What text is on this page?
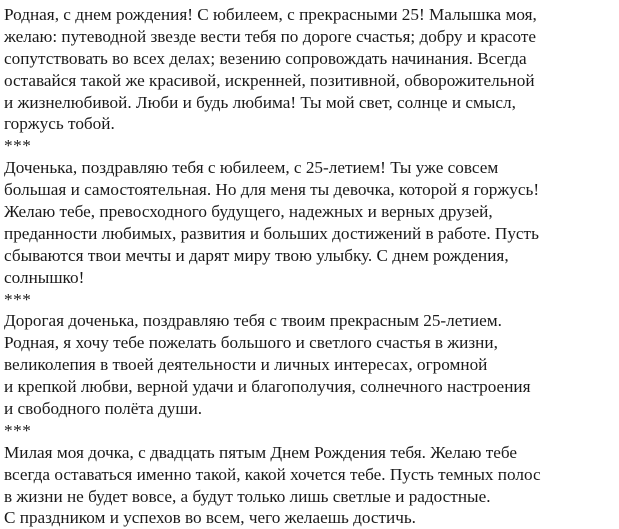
Родная, с днем рождения! С юбилеем, с прекрасными 25! Малышка моя,
желаю: путеводной звезде вести тебя по дороге счастья; добру и красоте
сопутствовать во всех делах; везению сопровождать начинания. Всегда
оставайся такой же красивой, искренней, позитивной, обворожительной
и жизнелюбивой. Люби и будь любима! Ты мой свет, солнце и смысл,
горжусь тобой.
***
Доченька, поздравляю тебя с юбилеем, с 25-летием! Ты уже совсем
большая и самостоятельная. Но для меня ты девочка, которой я горжусь!
Желаю тебе, превосходного будущего, надежных и верных друзей,
преданности любимых, развития и больших достижений в работе. Пусть
сбываются твои мечты и дарят миру твою улыбку. С днем рождения,
солнышко!
***
Дорогая доченька, поздравляю тебя с твоим прекрасным 25-летием.
Родная, я хочу тебе пожелать большого и светлого счастья в жизни,
великолепия в твоей деятельности и личных интересах, огромной
и крепкой любви, верной удачи и благополучия, солнечного настроения
и свободного полёта души.
***
Милая моя дочка, с двадцать пятым Днем Рождения тебя. Желаю тебе
всегда оставаться именно такой, какой хочется тебе. Пусть темных полос
в жизни не будет вовсе, а будут только лишь светлые и радостные.
С праздником и успехов во всем, чего желаешь достичь.
